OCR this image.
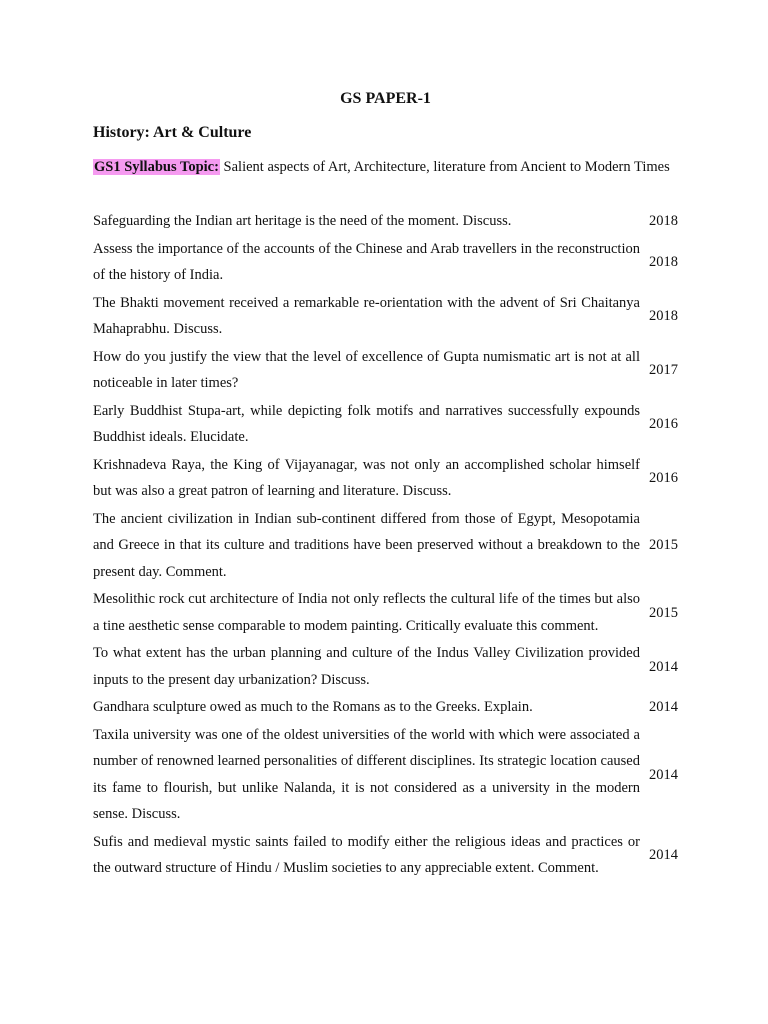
GS PAPER-1
History: Art & Culture
GS1 Syllabus Topic: Salient aspects of Art, Architecture, literature from Ancient to Modern Times
Safeguarding the Indian art heritage is the need of the moment. Discuss.	2018
Assess the importance of the accounts of the Chinese and Arab travellers in the reconstruction of the history of India.
2018
The Bhakti movement received a remarkable re-orientation with the advent of Sri Chaitanya Mahaprabhu. Discuss.
2018
How do you justify the view that the level of excellence of Gupta numismatic art is not at all noticeable in later times?
2017
Early Buddhist Stupa-art, while depicting folk motifs and narratives successfully expounds Buddhist ideals. Elucidate.
2016
Krishnadeva Raya, the King of Vijayanagar, was not only an accomplished scholar himself but was also a great patron of learning and literature. Discuss.
2016
The ancient civilization in Indian sub-continent differed from those of Egypt, Mesopotamia and Greece in that its culture and traditions have been preserved without a breakdown to the present day. Comment.
2015
Mesolithic rock cut architecture of India not only reflects the cultural life of the times but also a tine aesthetic sense comparable to modem painting. Critically evaluate this comment.
2015
To what extent has the urban planning and culture of the Indus Valley Civilization provided inputs to the present day urbanization? Discuss.
2014
Gandhara sculpture owed as much to the Romans as to the Greeks. Explain.	2014
Taxila university was one of the oldest universities of the world with which were associated a number of renowned learned personalities of different disciplines. Its strategic location caused its fame to flourish, but unlike Nalanda, it is not considered as a university in the modern sense. Discuss.
2014
Sufis and medieval mystic saints failed to modify either the religious ideas and practices or the outward structure of Hindu / Muslim societies to any appreciable extent. Comment.
2014
